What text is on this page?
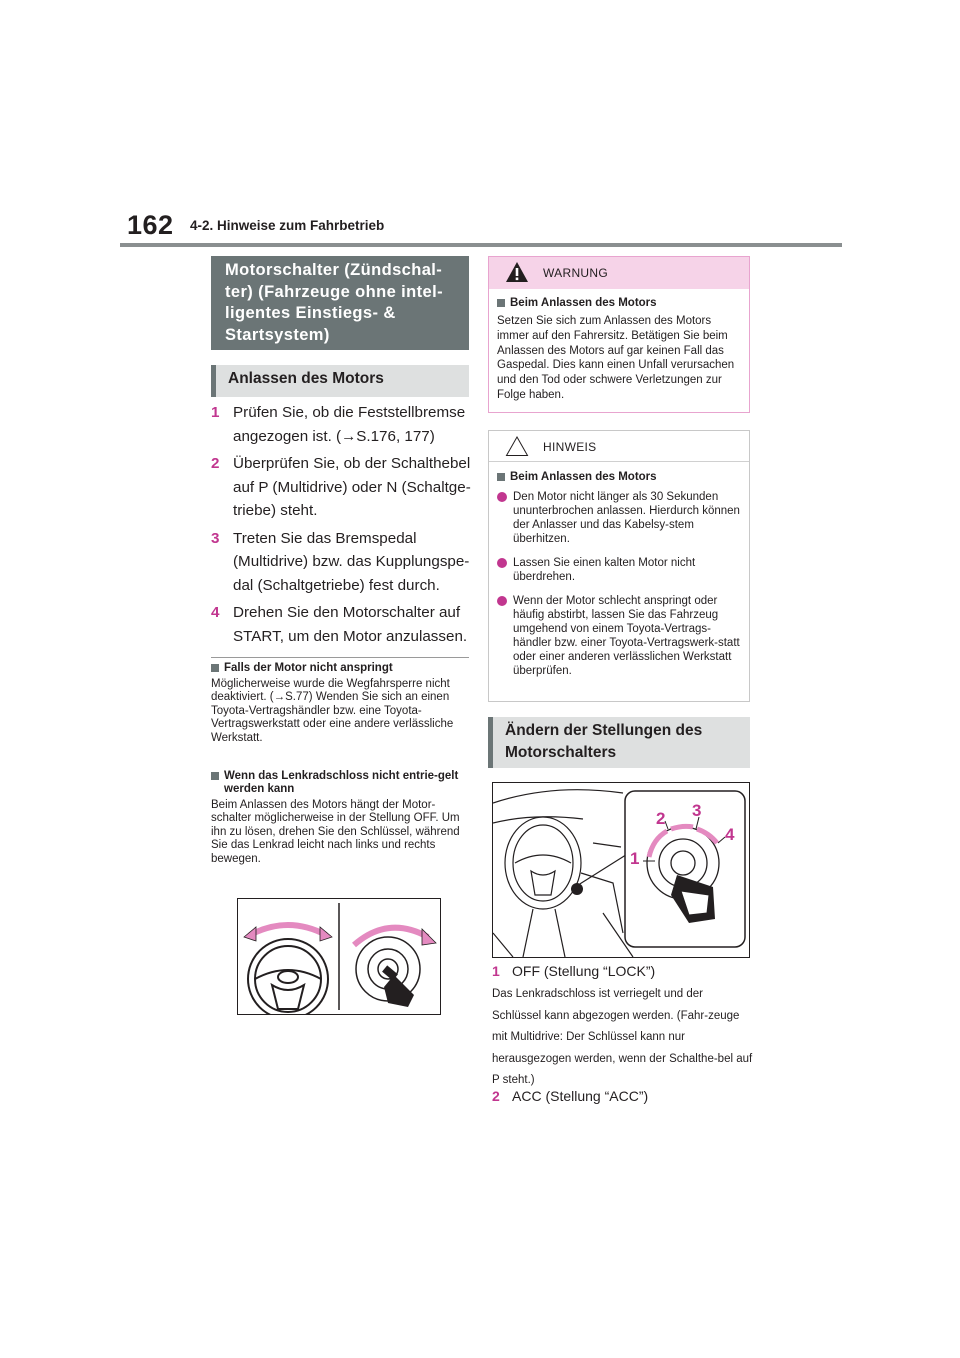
162 4-2. Hinweise zum Fahrbetrieb
Motorschalter (Zündschal-ter) (Fahrzeuge ohne intel-ligentes Einstiegs- & Startsystem)
Anlassen des Motors
1 Prüfen Sie, ob die Feststellbremse angezogen ist. (→S.176, 177)
2 Überprüfen Sie, ob der Schalthebel auf P (Multidrive) oder N (Schaltge-triebe) steht.
3 Treten Sie das Bremspedal (Multidrive) bzw. das Kupplungspe-dal (Schaltgetriebe) fest durch.
4 Drehen Sie den Motorschalter auf START, um den Motor anzulassen.
Falls der Motor nicht anspringt
Möglicherweise wurde die Wegfahrsperre nicht deaktiviert. (→S.77) Wenden Sie sich an einen Toyota-Vertragshändler bzw. eine Toyota-Vertragswerkstatt oder eine andere verlässliche Werkstatt.
Wenn das Lenkradschloss nicht entrie-gelt werden kann
Beim Anlassen des Motors hängt der Motor-schalter möglicherweise in der Stellung OFF. Um ihn zu lösen, drehen Sie den Schlüssel, während Sie das Lenkrad leicht nach links und rechts bewegen.
WARNUNG
Beim Anlassen des Motors
Setzen Sie sich zum Anlassen des Motors immer auf den Fahrersitz. Betätigen Sie beim Anlassen des Motors auf gar keinen Fall das Gaspedal. Dies kann einen Unfall verursachen und den Tod oder schwere Verletzungen zur Folge haben.
HINWEIS
Beim Anlassen des Motors
Den Motor nicht länger als 30 Sekunden ununterbrochen anlassen. Hierdurch können der Anlasser und das Kabelsy-stem überhitzen.
Lassen Sie einen kalten Motor nicht überdrehen.
Wenn der Motor schlecht anspringt oder häufig abstirbt, lassen Sie das Fahrzeug umgehend von einem Toyota-Vertrags-händler bzw. einer Toyota-Vertragswerk-statt oder einer anderen verlässlichen Werkstatt überprüfen.
Ändern der Stellungen des Motorschalters
1
2 3
4
1 OFF (Stellung “LOCK”)
Das Lenkradschloss ist verriegelt und der Schlüssel kann abgezogen werden. (Fahr-zeuge mit Multidrive: Der Schlüssel kann nur herausgezogen werden, wenn der Schalthe-bel auf P steht.)
2 ACC (Stellung “ACC”)
